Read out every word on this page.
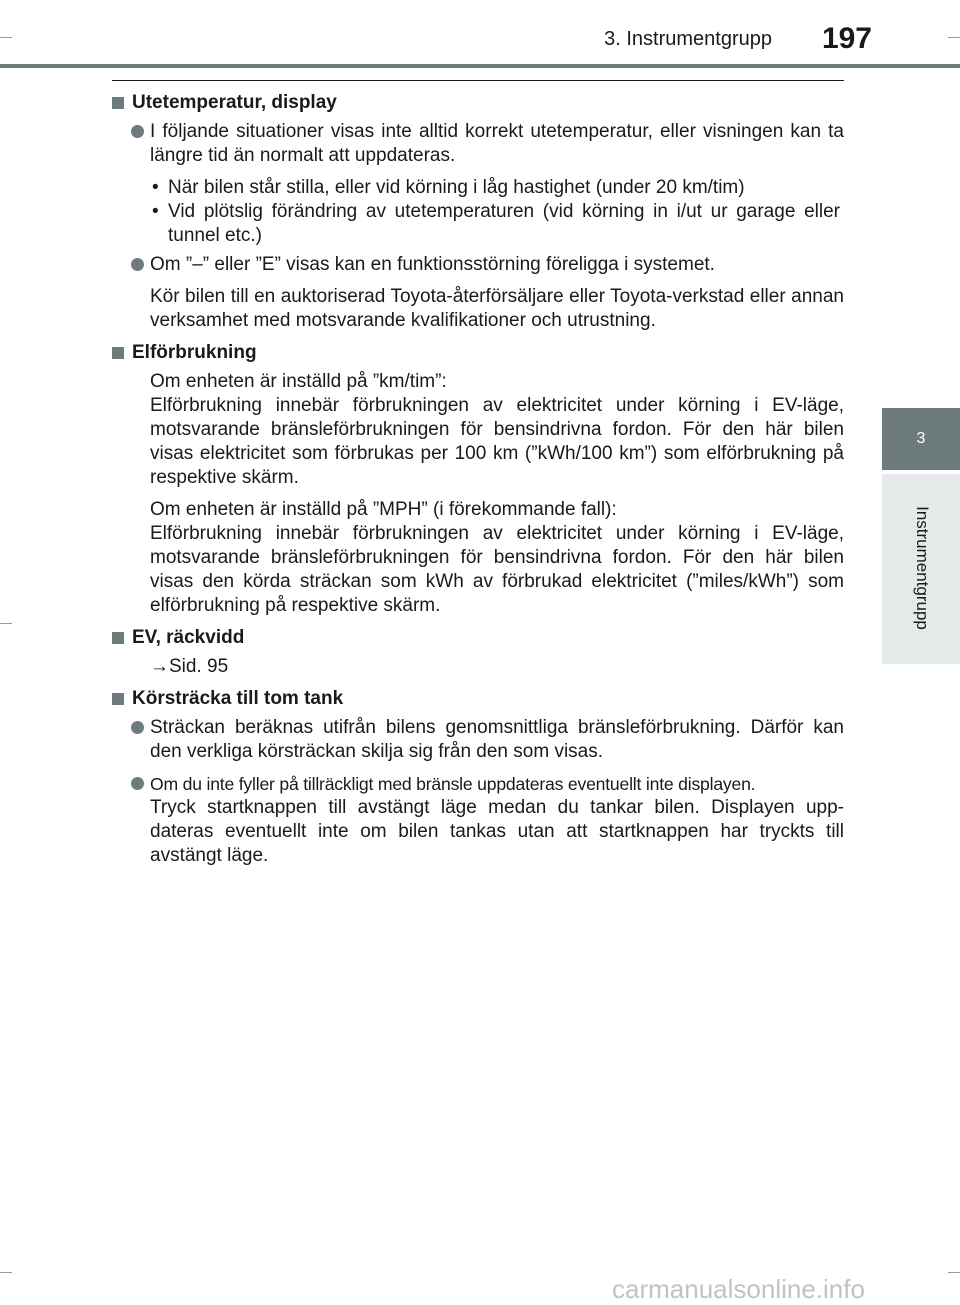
197
3. Instrumentgrupp
3
Instrumentgrupp
Utetemperatur, display
I följande situationer visas inte alltid korrekt utetemperatur, eller visningen kan ta längre tid än normalt att uppdateras.
• När bilen står stilla, eller vid körning i låg hastighet (under 20 km/tim)
• Vid plötslig förändring av utetemperaturen (vid körning in i/ut ur garage eller tunnel etc.)
Om ”–” eller ”E” visas kan en funktionsstörning föreligga i systemet.
Kör bilen till en auktoriserad Toyota-återförsäljare eller Toyota-verkstad eller annan verksamhet med motsvarande kvalifikationer och utrustning.
Elförbrukning
Om enheten är inställd på ”km/tim”:
Elförbrukning innebär förbrukningen av elektricitet under körning i EV-läge, motsvarande bränsleförbrukningen för bensindrivna fordon. För den här bilen visas elektricitet som förbrukas per 100 km (”kWh/100 km”) som elförbrukning på respektive skärm.
Om enheten är inställd på ”MPH” (i förekommande fall):
Elförbrukning innebär förbrukningen av elektricitet under körning i EV-läge, motsvarande bränsleförbrukningen för bensindrivna fordon. För den här bilen visas den körda sträckan som kWh av förbrukad elektricitet (”miles/kWh”) som elförbrukning på respektive skärm.
EV, räckvidd
→Sid. 95
Körsträcka till tom tank
Sträckan beräknas utifrån bilens genomsnittliga bränsleförbrukning. Därför kan den verkliga körsträckan skilja sig från den som visas.
Om du inte fyller på tillräckligt med bränsle uppdateras eventuellt inte displayen.
Tryck startknappen till avstängt läge medan du tankar bilen. Displayen upp-dateras eventuellt inte om bilen tankas utan att startknappen har tryckts till avstängt läge.
carmanualsonline.info
